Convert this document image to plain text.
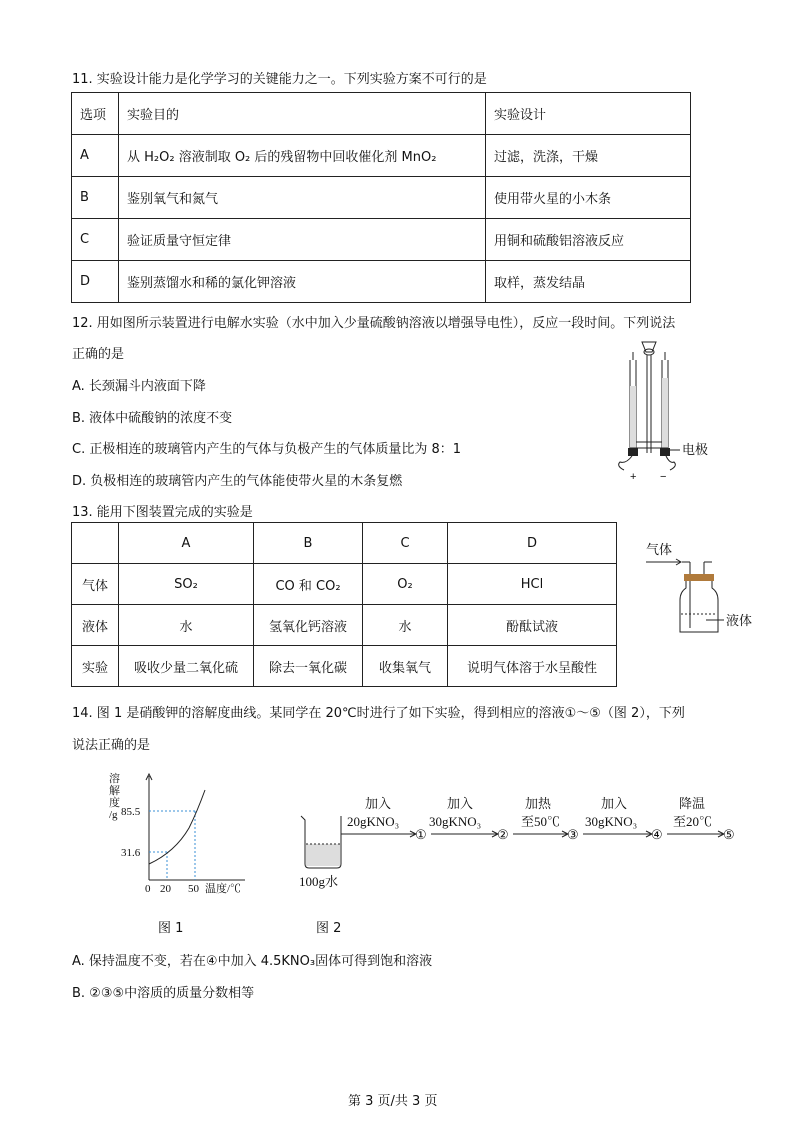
11. 实验设计能力是化学学习的关键能力之一。下列实验方案不可行的是
选项	实验目的	实验设计
A	从 H₂O₂ 溶液制取 O₂ 后的残留物中回收催化剂 MnO₂	过滤，洗涤，干燥
B	鉴别氧气和氮气	使用带火星的小木条
C	验证质量守恒定律	用铜和硫酸铝溶液反应
D	鉴别蒸馏水和稀的氯化钾溶液	取样，蒸发结晶
12. 用如图所示装置进行电解水实验（水中加入少量硫酸钠溶液以增强导电性），反应一段时间。下列说法
正确的是
A. 长颈漏斗内液面下降
B. 液体中硫酸钠的浓度不变
C. 正极相连的玻璃管内产生的气体与负极产生的气体质量比为 8：1
D. 负极相连的玻璃管内产生的气体能使带火星的木条复燃
电极
+ −
13. 能用下图装置完成的实验是
	A	B	C	D
气体	SO₂	CO 和 CO₂	O₂	HCl
液体	水	氢氧化钙溶液	水	酚酞试液
实验	吸收少量二氧化硫	除去一氧化碳	收集氧气	说明气体溶于水呈酸性
气体
液体
14. 图 1 是硝酸钾的溶解度曲线。某同学在 20℃时进行了如下实验，得到相应的溶液①～⑤（图 2），下列
说法正确的是
溶
解
度
/g 85.5
31.6
0 20 50 温度/℃
图 1
100g水
加入
20gKNO₃
①
加入
30gKNO₃
②
加热
至50℃
③
加入
30gKNO₃
④
降温
至20℃
⑤
图 2
A. 保持温度不变，若在④中加入 4.5KNO₃固体可得到饱和溶液
B. ②③⑤中溶质的质量分数相等
第 3 页/共 3 页
